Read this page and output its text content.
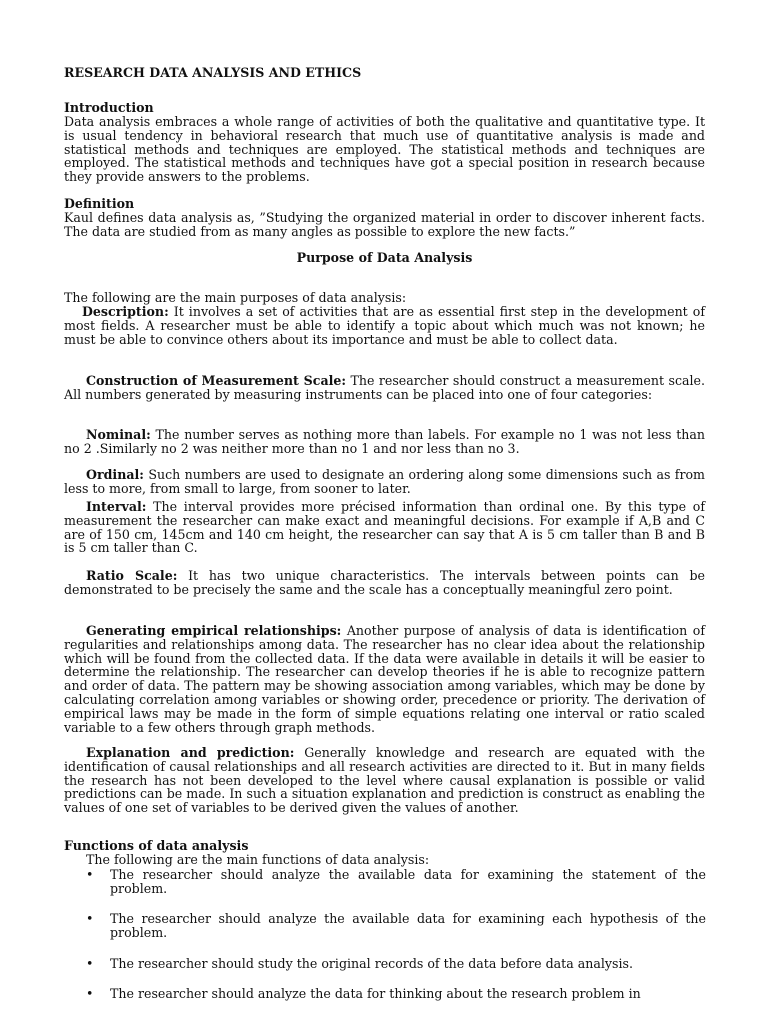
RESEARCH DATA ANALYSIS AND ETHICS

Introduction

Data analysis embraces a whole range of activities of both the qualitative and quantitative type. It is usual tendency in behavioral research that much use of quantitative analysis is made and statistical methods and techniques are employed. The statistical methods and techniques are employed. The statistical methods and techniques have got a special position in research because they provide answers to the problems.

Definition

Kaul defines data analysis as, ”Studying the organized material in order to discover inherent facts. The data are studied from as many angles as possible to explore the new facts.”

Purpose of Data Analysis

The following are the main purposes of data analysis:

Description: It involves a set of activities that are as essential first step in the development of most fields. A researcher must be able to identify a topic about which much was not known; he must be able to convince others about its importance and must be able to collect data.

Construction of Measurement Scale: The researcher should construct a measurement scale. All numbers generated by measuring instruments can be placed into one of four categories:

Nominal: The number serves as nothing more than labels. For example no 1 was not less than no 2 .Similarly no 2 was neither more than no 1 and nor less than no 3.

Ordinal: Such numbers are used to designate an ordering along some dimensions such as from less to more, from small to large, from sooner to later.

Interval: The interval provides more précised information than ordinal one. By this type of measurement the researcher can make exact and meaningful decisions. For example if A,B and C are of 150 cm, 145cm and 140 cm height, the researcher can say that A is 5 cm taller than B and B is 5 cm taller than C.

Ratio Scale: It has two unique characteristics. The intervals between points can be demonstrated to be precisely the same and the scale has a conceptually meaningful zero point.

Generating empirical relationships: Another purpose of analysis of data is identification of regularities and relationships among data. The researcher has no clear idea about the relationship which will be found from the collected data. If the data were available in details it will be easier to determine the relationship. The researcher can develop theories if he is able to recognize pattern and order of data. The pattern may be showing association among variables, which may be done by calculating correlation among variables or showing order, precedence or priority. The derivation of empirical laws may be made in the form of simple equations relating one interval or ratio scaled variable to a few others through graph methods.

Explanation and prediction: Generally knowledge and research are equated with the identification of causal relationships and all research activities are directed to it. But in many fields the research has not been developed to the level where causal explanation is possible or valid predictions can be made. In such a situation explanation and prediction is construct as enabling the values of one set of variables to be derived given the values of another.

Functions of data analysis

The following are the main functions of data analysis:

• The researcher should analyze the available data for examining the statement of the problem.
• The researcher should analyze the available data for examining each hypothesis of the problem.
• The researcher should study the original records of the data before data analysis.
• The researcher should analyze the data for thinking about the research problem in
